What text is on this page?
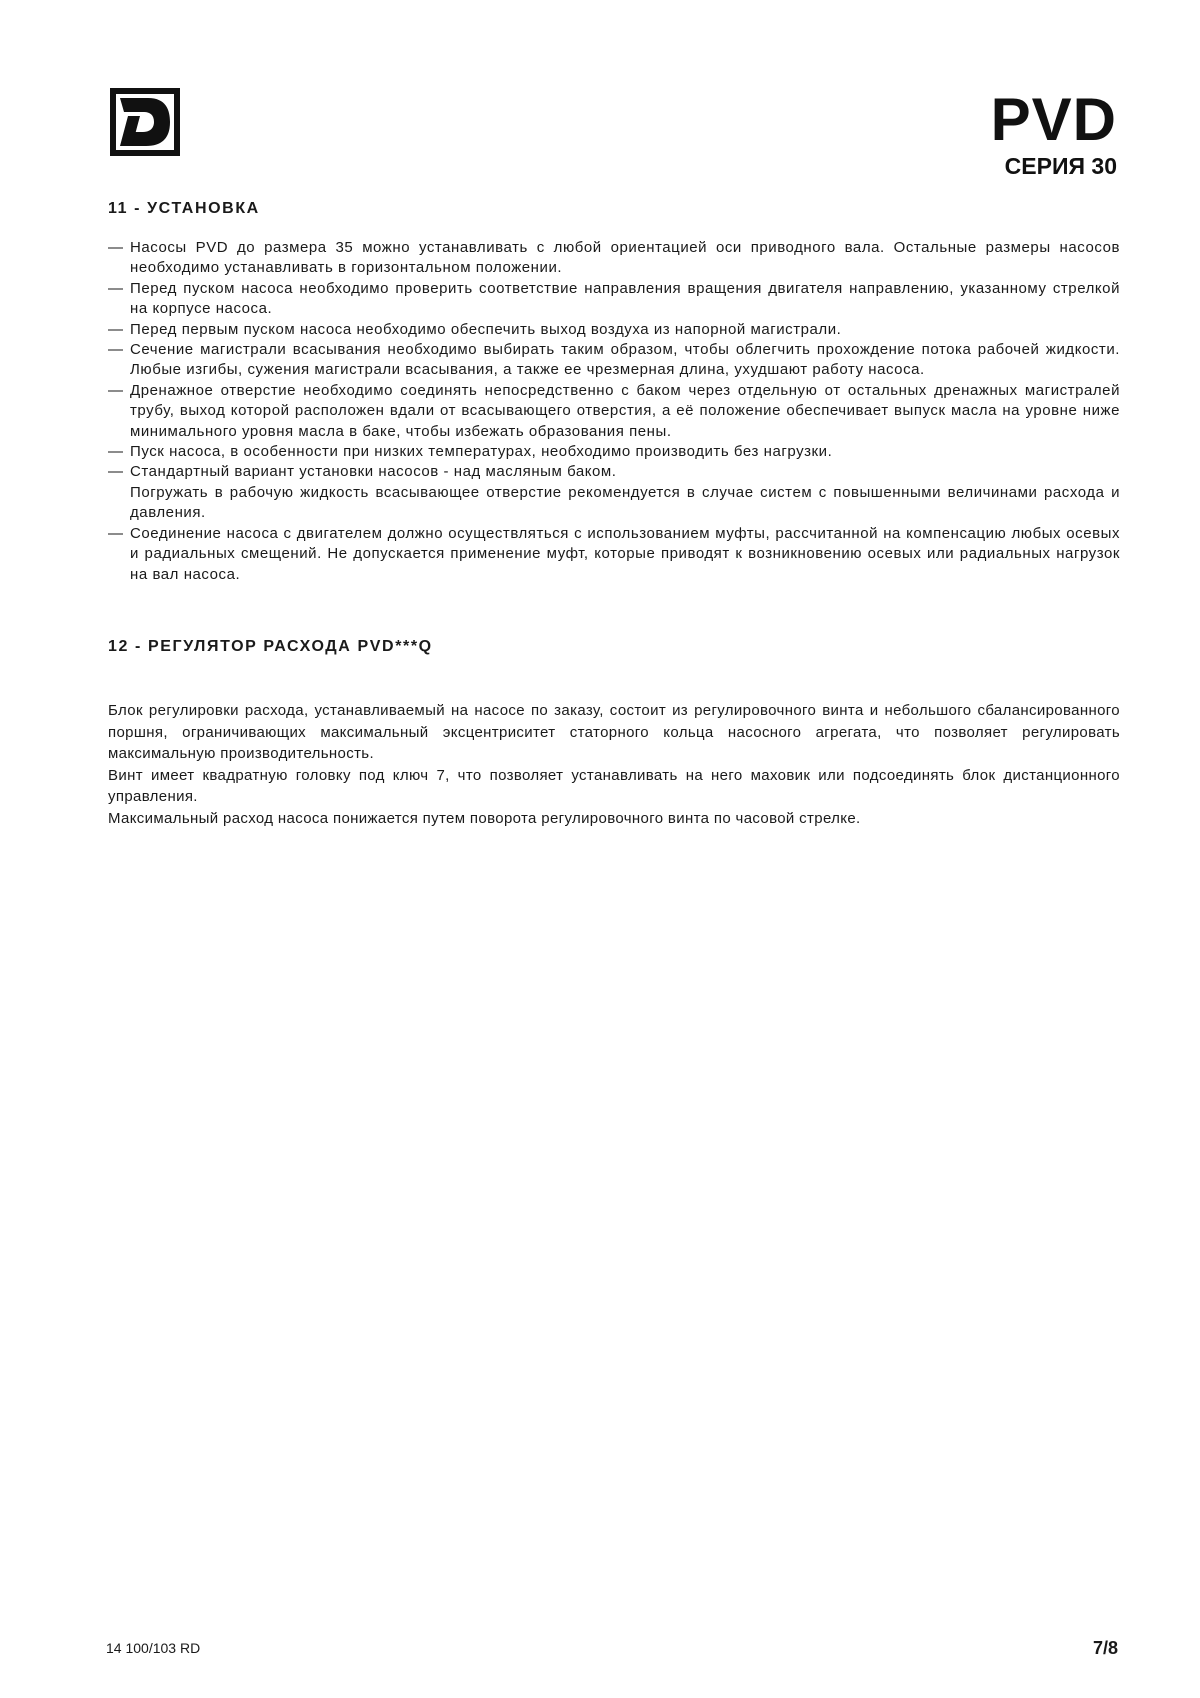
PVD
СЕРИЯ 30
11 - УСТАНОВКА
— Насосы PVD до размера 35 можно устанавливать с любой ориентацией оси приводного вала. Остальные размеры насосов необходимо устанавливать в горизонтальном положении.
— Перед пуском насоса необходимо проверить соответствие направления вращения двигателя направлению, указанному стрелкой на корпусе насоса.
— Перед первым пуском насоса необходимо обеспечить выход воздуха из напорной магистрали.
— Сечение магистрали всасывания необходимо выбирать таким образом, чтобы облегчить прохождение потока рабочей жидкости. Любые изгибы, сужения магистрали всасывания, а также ее чрезмерная длина, ухудшают работу насоса.
— Дренажное отверстие необходимо соединять непосредственно с баком через отдельную от остальных дренажных магистралей трубу, выход которой расположен вдали от всасывающего отверстия, а её положение обеспечивает выпуск масла на уровне ниже минимального уровня масла в баке, чтобы избежать образования пены.
— Пуск насоса, в особенности при низких температурах, необходимо производить без нагрузки.
— Стандартный вариант установки насосов - над масляным баком.
Погружать в рабочую жидкость всасывающее отверстие рекомендуется в случае систем с повышенными величинами расхода и давления.
— Соединение насоса с двигателем должно осуществляться с использованием муфты, рассчитанной на компенсацию любых осевых и радиальных смещений. Не допускается применение муфт, которые приводят к возникновению осевых или радиальных нагрузок на вал насоса.
12 - РЕГУЛЯТОР РАСХОДА PVD***Q

Блок регулировки расхода, устанавливаемый на насосе по заказу, состоит из регулировочного винта и небольшого сбалансированного поршня, ограничивающих максимальный эксцентриситет статорного кольца насосного агрегата, что позволяет регулировать максимальную производительность.

Винт имеет квадратную головку под ключ 7, что позволяет устанавливать на него маховик или подсоединять блок дистанционного управления.

Максимальный расход насоса понижается путем поворота регулировочного винта по часовой стрелке.

14 100/103 RD	7/8
